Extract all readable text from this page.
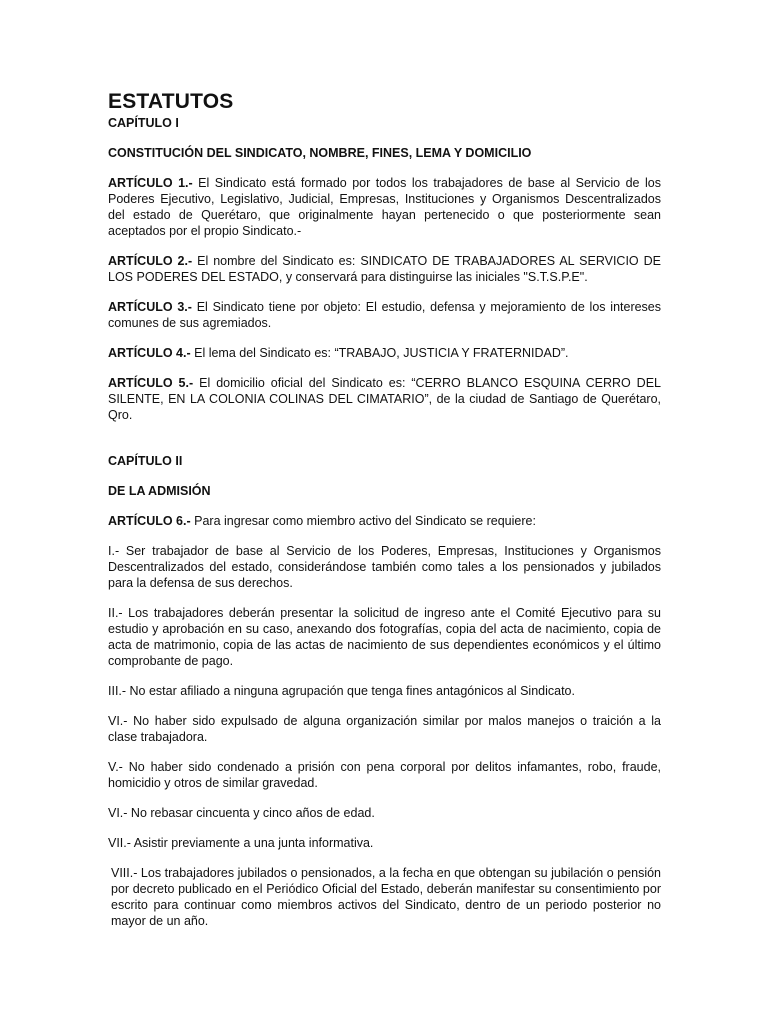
ESTATUTOS

CAPÍTULO I

CONSTITUCIÓN DEL SINDICATO, NOMBRE, FINES, LEMA Y DOMICILIO

ARTÍCULO 1.- El Sindicato está formado por todos los trabajadores de base al Servicio de los Poderes Ejecutivo, Legislativo, Judicial, Empresas, Instituciones y Organismos Descentralizados del estado de Querétaro, que originalmente hayan pertenecido o que posteriormente sean aceptados por el propio Sindicato.-

ARTÍCULO 2.- El nombre del Sindicato es: SINDICATO DE TRABAJADORES AL SERVICIO DE LOS PODERES DEL ESTADO, y conservará para distinguirse las iniciales "S.T.S.P.E".

ARTÍCULO 3.- El Sindicato tiene por objeto: El estudio, defensa y mejoramiento de los intereses comunes de sus agremiados.

ARTÍCULO 4.- El lema del Sindicato es: “TRABAJO, JUSTICIA Y FRATERNIDAD”.

ARTÍCULO 5.- El domicilio oficial del Sindicato es: “CERRO BLANCO ESQUINA CERRO DEL SILENTE, EN LA COLONIA COLINAS DEL CIMATARIO”, de la ciudad de Santiago de Querétaro, Qro.

CAPÍTULO II

DE LA ADMISIÓN

ARTÍCULO 6.- Para ingresar como miembro activo del Sindicato se requiere:

I.- Ser trabajador de base al Servicio de los Poderes, Empresas, Instituciones y Organismos Descentralizados del estado, considerándose también como tales a los pensionados y jubilados para la defensa de sus derechos.

II.- Los trabajadores deberán presentar la solicitud de ingreso ante el Comité Ejecutivo para su estudio y aprobación en su caso, anexando dos fotografías, copia del acta de nacimiento, copia de acta de matrimonio, copia de las actas de nacimiento de sus dependientes económicos y el último comprobante de pago.

III.- No estar afiliado a ninguna agrupación que tenga fines antagónicos al Sindicato.

VI.- No haber sido expulsado de alguna organización similar por malos manejos o traición a la clase trabajadora.

V.- No haber sido condenado a prisión con pena corporal por delitos infamantes, robo, fraude, homicidio y otros de similar gravedad.

VI.- No rebasar cincuenta y cinco años de edad.

VII.- Asistir previamente a una junta informativa.

VIII.- Los trabajadores jubilados o pensionados, a la fecha en que obtengan su jubilación o pensión por decreto publicado en el Periódico Oficial del Estado, deberán manifestar su consentimiento por escrito para continuar como miembros activos del Sindicato, dentro de un periodo posterior no mayor de un año.
